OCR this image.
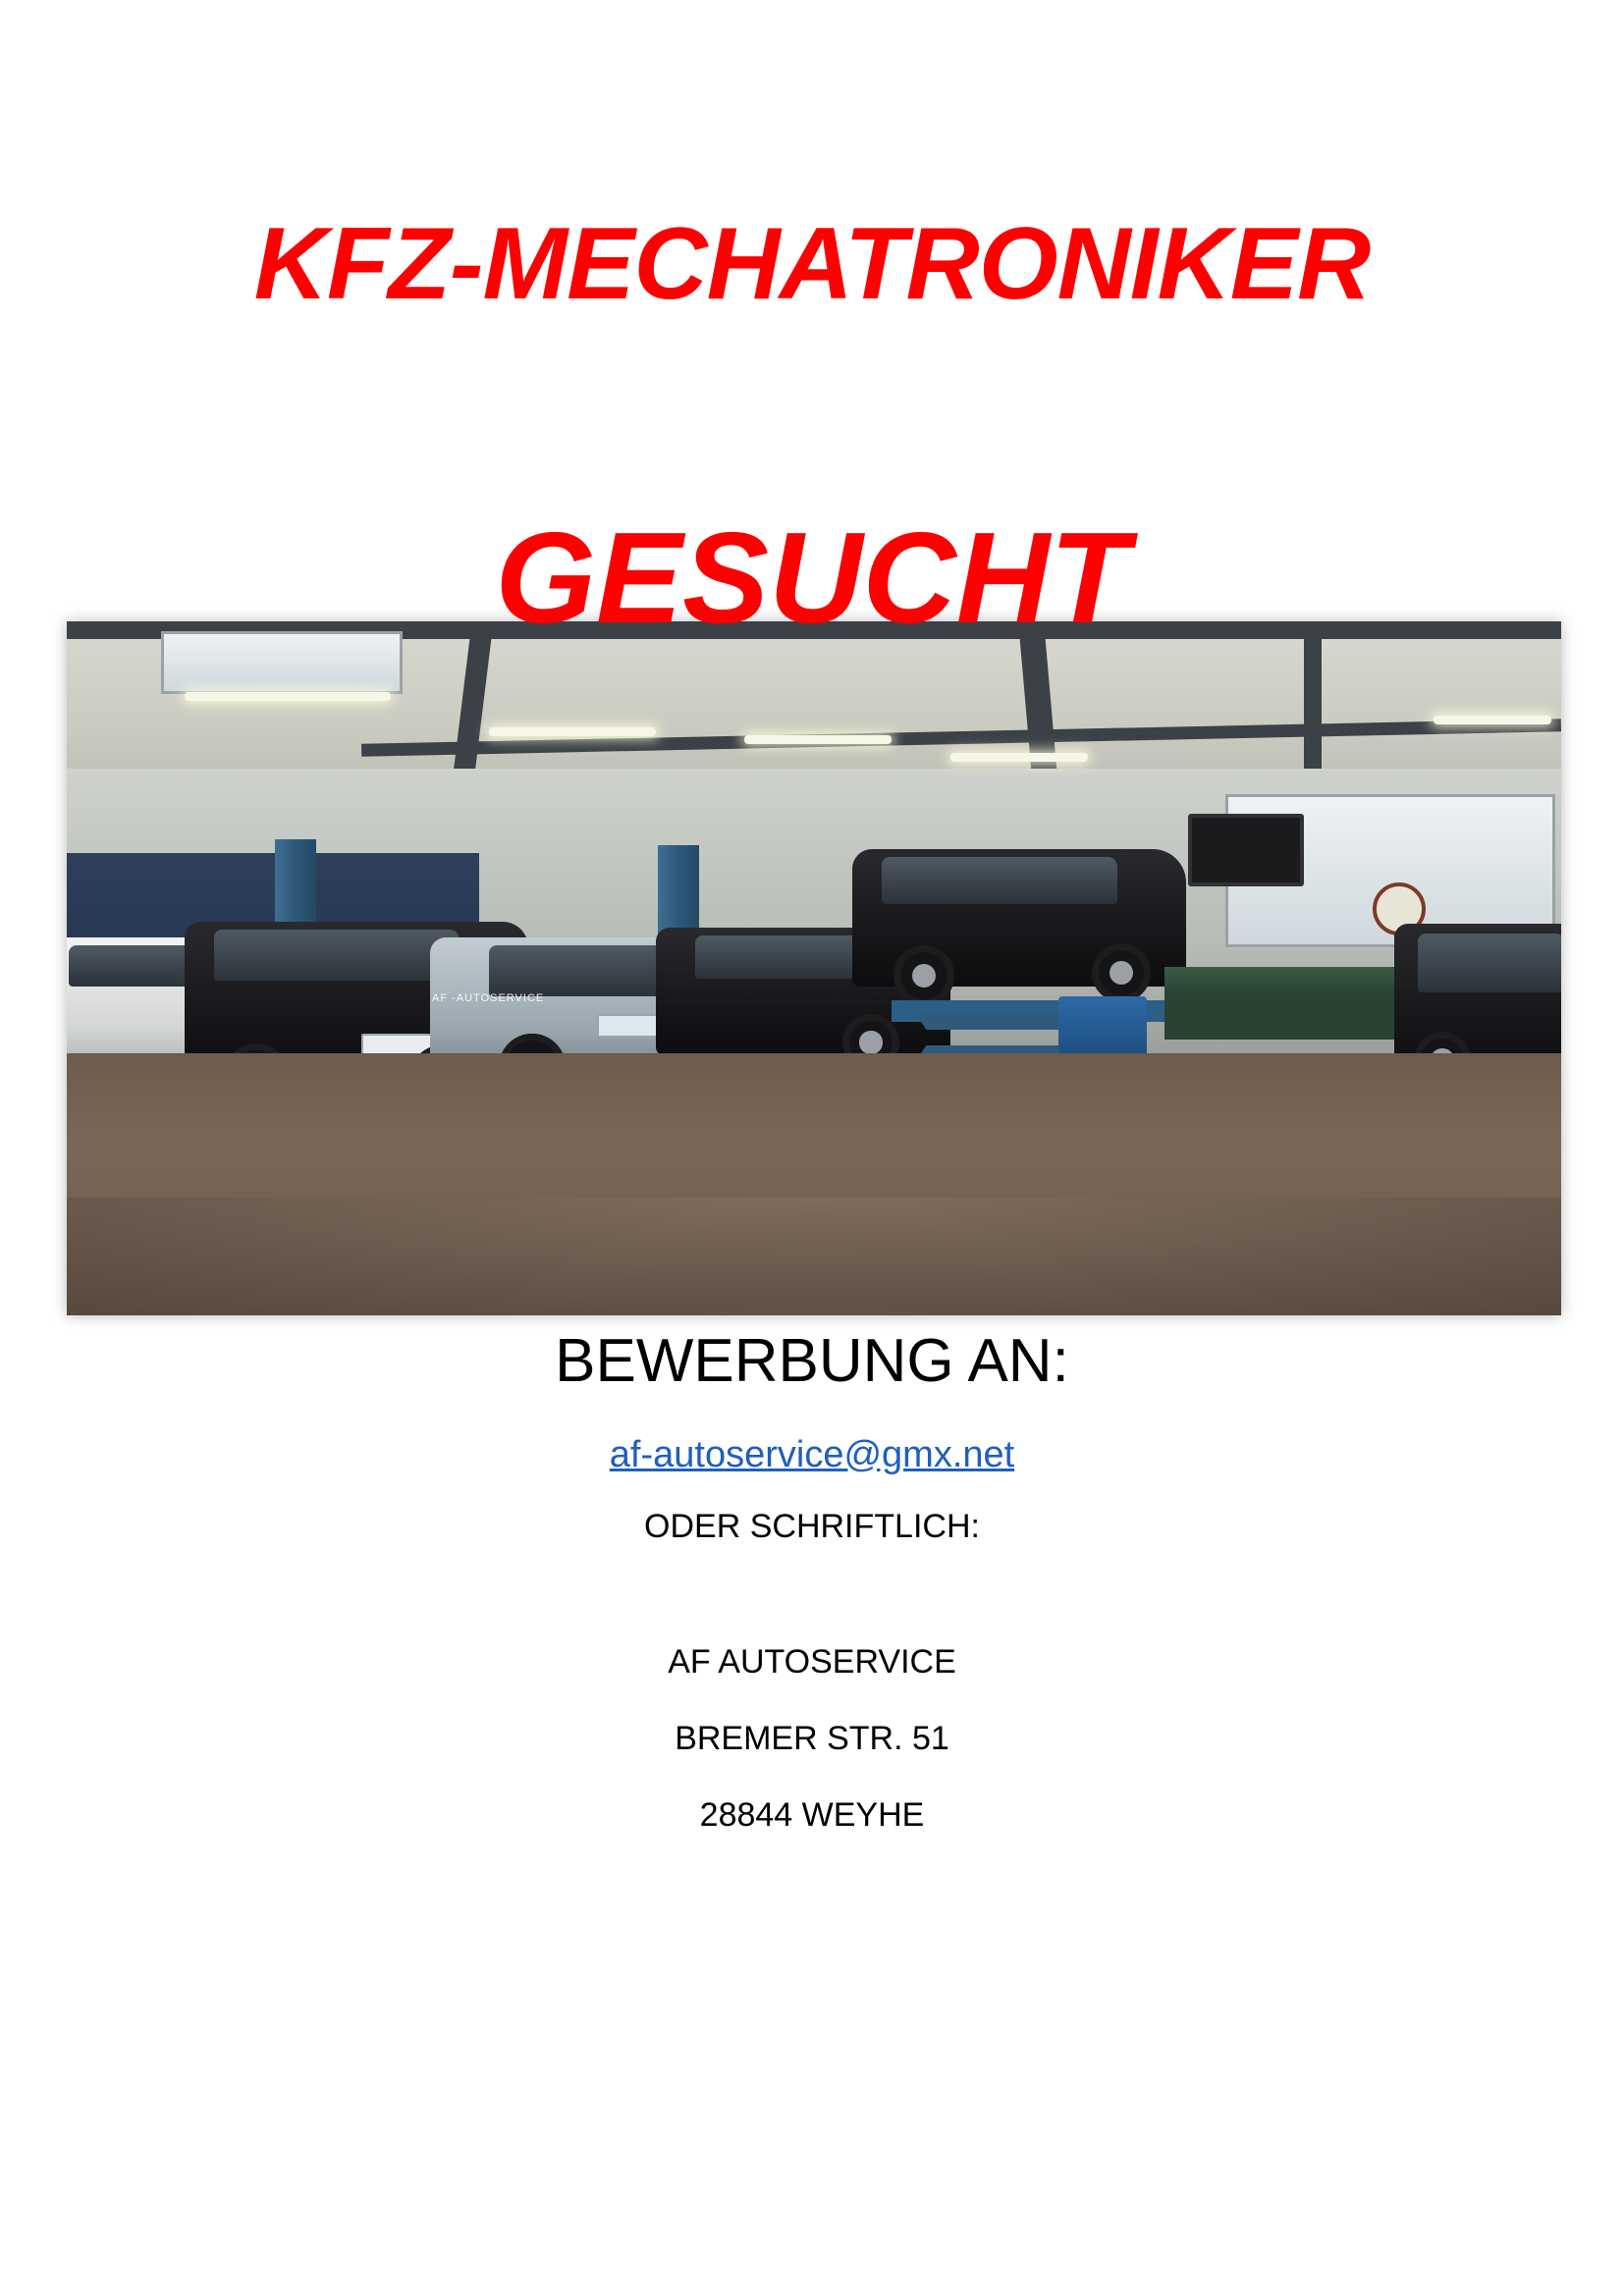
KFZ-MECHATRONIKER
GESUCHT
AF -AUTOSERVICE

BEWERBUNG AN:

af-autoservice@gmx.net

ODER SCHRIFTLICH:

AF AUTOSERVICE

BREMER STR. 51

28844 WEYHE
